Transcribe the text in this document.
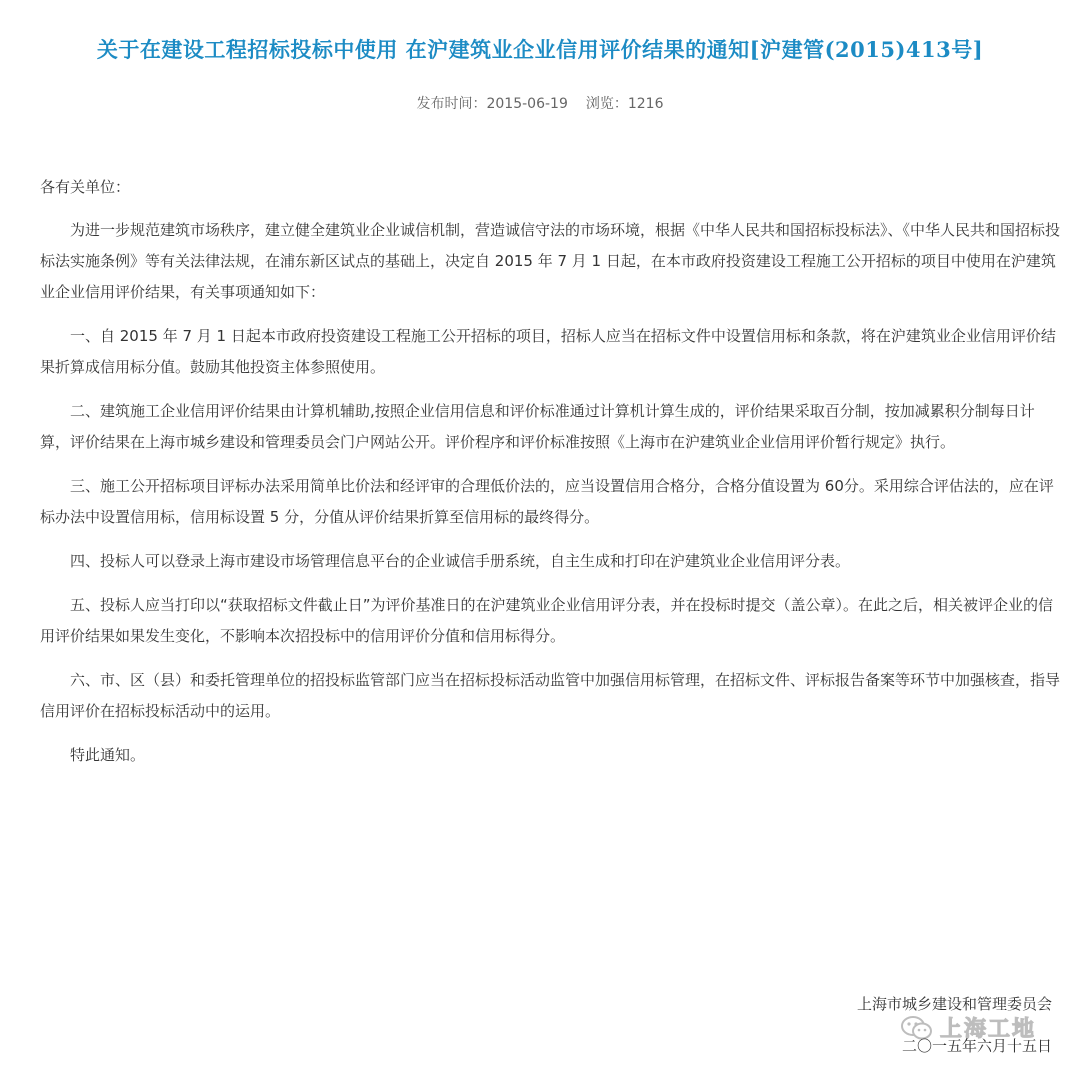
关于在建设工程招标投标中使用 在沪建筑业企业信用评价结果的通知[沪建管(2015)413号]
发布时间：2015-06-19 浏览：1216

各有关单位：

为进一步规范建筑市场秩序，建立健全建筑业企业诚信机制，营造诚信守法的市场环境，根据《中华人民共和国招标投标法》、《中华人民共和国招标投标法实施条例》等有关法律法规，在浦东新区试点的基础上，决定自 2015 年 7 月 1 日起，在本市政府投资建设工程施工公开招标的项目中使用在沪建筑业企业信用评价结果，有关事项通知如下：

一、自 2015 年 7 月 1 日起本市政府投资建设工程施工公开招标的项目，招标人应当在招标文件中设置信用标和条款，将在沪建筑业企业信用评价结果折算成信用标分值。鼓励其他投资主体参照使用。

二、建筑施工企业信用评价结果由计算机辅助,按照企业信用信息和评价标准通过计算机计算生成的，评价结果采取百分制，按加减累积分制每日计算，评价结果在上海市城乡建设和管理委员会门户网站公开。评价程序和评价标准按照《上海市在沪建筑业企业信用评价暂行规定》执行。

三、施工公开招标项目评标办法采用简单比价法和经评审的合理低价法的，应当设置信用合格分，合格分值设置为 60分。采用综合评估法的，应在评标办法中设置信用标，信用标设置 5 分，分值从评价结果折算至信用标的最终得分。

四、投标人可以登录上海市建设市场管理信息平台的企业诚信手册系统，自主生成和打印在沪建筑业企业信用评分表。

五、投标人应当打印以“获取招标文件截止日”为评价基准日的在沪建筑业企业信用评分表，并在投标时提交（盖公章）。在此之后，相关被评企业的信用评价结果如果发生变化，不影响本次招投标中的信用评价分值和信用标得分。

六、市、区（县）和委托管理单位的招投标监管部门应当在招标投标活动监管中加强信用标管理，在招标文件、评标报告备案等环节中加强核查，指导信用评价在招标投标活动中的运用。

特此通知。

上海市城乡建设和管理委员会
上海工地
二〇一五年六月十五日
